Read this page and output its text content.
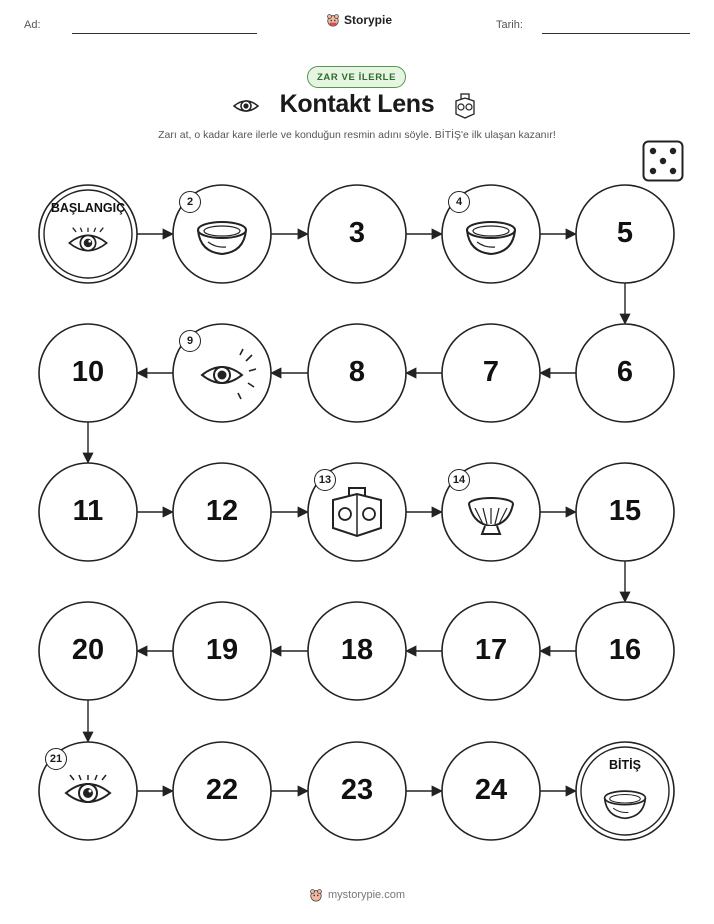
Ad:	Storypie	Tarih:
ZAR VE İLERLE
Kontakt Lens
Zarı at, o kadar kare ilerle ve konduğun resmin adını söyle. BİTİŞ'e ilk ulaşan kazanır!
BAŞLANGIÇ	2
3
4
5
6
7
8
9
10
11	12
13	14
15
16
17
18
19
20
21
22	23	24
BİTİŞ
mystorypie.com
